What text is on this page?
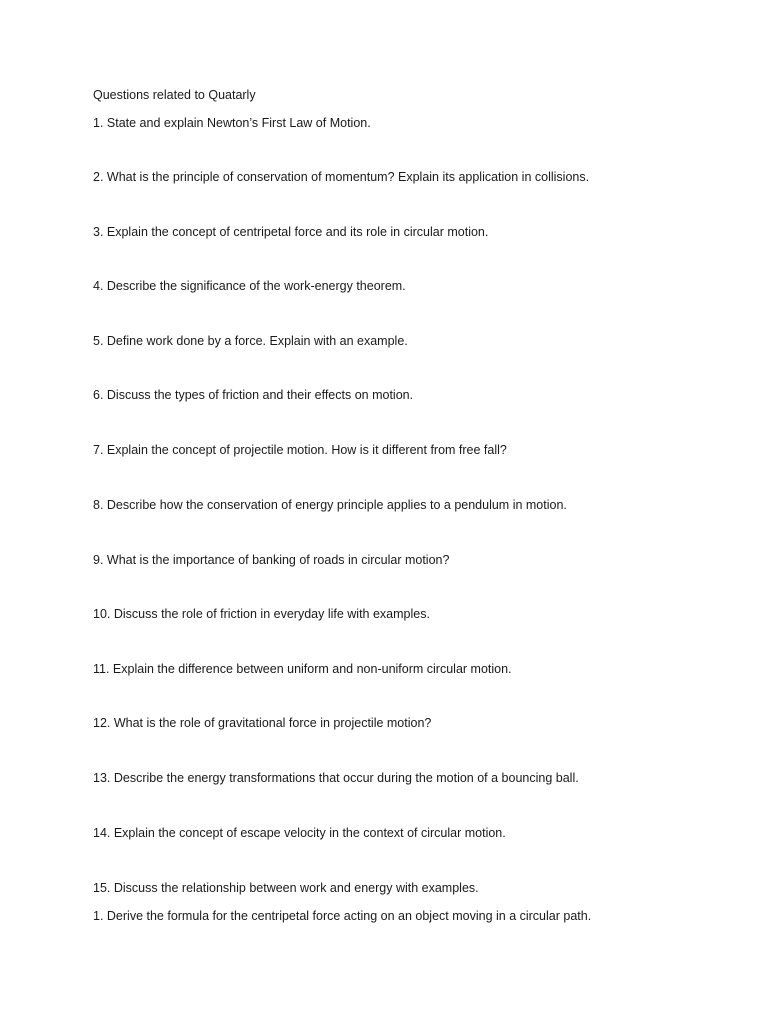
Questions related to Quatarly

1. State and explain Newton’s First Law of Motion.

2. What is the principle of conservation of momentum? Explain its application in collisions.

3. Explain the concept of centripetal force and its role in circular motion.

4. Describe the significance of the work-energy theorem.

5. Define work done by a force. Explain with an example.

6. Discuss the types of friction and their effects on motion.

7. Explain the concept of projectile motion. How is it different from free fall?

8. Describe how the conservation of energy principle applies to a pendulum in motion.

9. What is the importance of banking of roads in circular motion?

10. Discuss the role of friction in everyday life with examples.

11. Explain the difference between uniform and non-uniform circular motion.

12. What is the role of gravitational force in projectile motion?

13. Describe the energy transformations that occur during the motion of a bouncing ball.

14. Explain the concept of escape velocity in the context of circular motion.

15. Discuss the relationship between work and energy with examples.

1. Derive the formula for the centripetal force acting on an object moving in a circular path.
